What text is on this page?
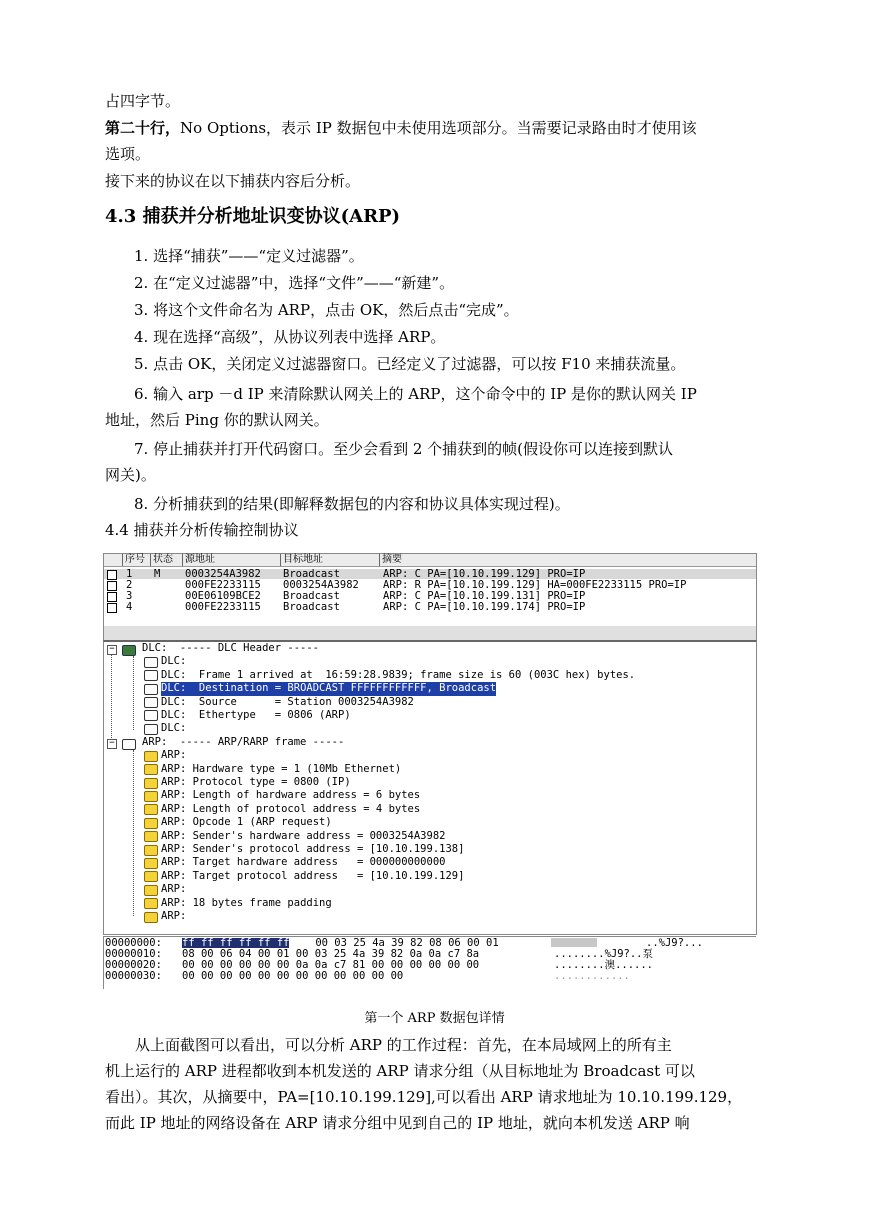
占四字节。
第二十行，No Options，表示 IP 数据包中未使用选项部分。当需要记录路由时才使用该
选项。
接下来的协议在以下捕获内容后分析。
4.3 捕获并分析地址识变协议(ARP)
1. 选择“捕获”——“定义过滤器”。
2. 在“定义过滤器”中，选择“文件”——“新建”。
3. 将这个文件命名为 ARP，点击 OK，然后点击“完成”。
4. 现在选择“高级”，从协议列表中选择 ARP。
5. 点击 OK，关闭定义过滤器窗口。已经定义了过滤器，可以按 F10 来捕获流量。
6. 输入 arp －d IP 来清除默认网关上的 ARP，这个命令中的 IP 是你的默认网关 IP
地址，然后 Ping 你的默认网关。
7. 停止捕获并打开代码窗口。至少会看到 2 个捕获到的帧(假设你可以连接到默认
网关)。
8. 分析捕获到的结果(即解释数据包的内容和协议具体实现过程)。
4.4 捕获并分析传输控制协议
序号 状态	源地址	目标地址	摘要
1 M 0003254A3982 Broadcast	ARP: C PA=[10.10.199.129] PRO=IP
2	000FE2233115 0003254A3982 ARP: R PA=[10.10.199.129] HA=000FE2233115 PRO=IP
3	00E06109BCE2 Broadcast	ARP: C PA=[10.10.199.131] PRO=IP
4	000FE2233115 Broadcast	ARP: C PA=[10.10.199.174] PRO=IP
−	DLC:  ----- DLC Header -----
DLC:
DLC:  Frame 1 arrived at  16:59:28.9839; frame size is 60 (003C hex) bytes.
DLC:  Destination = BROADCAST FFFFFFFFFFFF, Broadcast
DLC:  Source      = Station 0003254A3982
DLC:  Ethertype   = 0806 (ARP)
DLC:
−	ARP:  ----- ARP/RARP frame -----
ARP:
ARP: Hardware type = 1 (10Mb Ethernet)
ARP: Protocol type = 0800 (IP)
ARP: Length of hardware address = 6 bytes
ARP: Length of protocol address = 4 bytes
ARP: Opcode 1 (ARP request)
ARP: Sender's hardware address = 0003254A3982
ARP: Sender's protocol address = [10.10.199.138]
ARP: Target hardware address   = 000000000000
ARP: Target protocol address   = [10.10.199.129]
ARP:
ARP: 18 bytes frame padding
ARP:
00000000: ff ff ff ff ff ff 00 03 25 4a 39 82 08 06 00 01	..%J9?...
00000010: 08 00 06 04 00 01 00 03 25 4a 39 82 0a 0a c7 8a	........%J9?..泵
00000020: 00 00 00 00 00 00 0a 0a c7 81 00 00 00 00 00 00	........澳......
00000030: 00 00 00 00 00 00 00 00 00 00 00 00	............
第一个 ARP 数据包详情
　　从上面截图可以看出，可以分析 ARP 的工作过程：首先，在本局域网上的所有主
机上运行的 ARP 进程都收到本机发送的 ARP 请求分组（从目标地址为 Broadcast 可以
看出）。其次，从摘要中，PA=[10.10.199.129],可以看出 ARP 请求地址为 10.10.199.129，
而此 IP 地址的网络设备在 ARP 请求分组中见到自己的 IP 地址，就向本机发送 ARP 响
